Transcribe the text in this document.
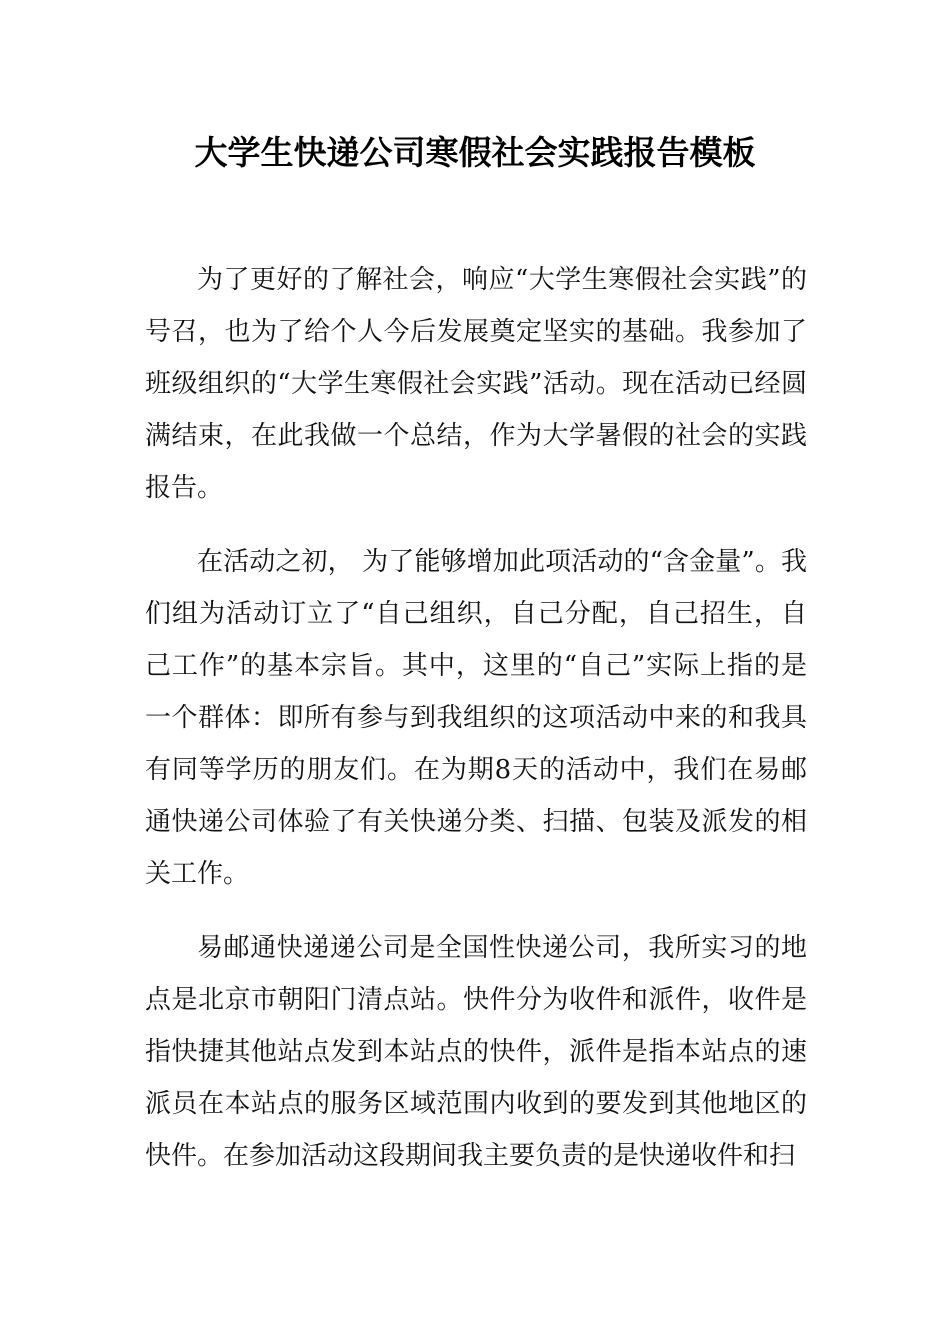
大学生快递公司寒假社会实践报告模板

为了更好的了解社会，响应“大学生寒假社会实践”的号召，也为了给个人今后发展奠定坚实的基础。我参加了班级组织的“大学生寒假社会实践”活动。现在活动已经圆满结束，在此我做一个总结，作为大学暑假的社会的实践报告。

在活动之初， 为了能够增加此项活动的“含金量”。我们组为活动订立了“自己组织，自己分配，自己招生，自己工作”的基本宗旨。其中，这里的“自己”实际上指的是一个群体：即所有参与到我组织的这项活动中来的和我具有同等学历的朋友们。在为期8天的活动中，我们在易邮通快递公司体验了有关快递分类、扫描、包装及派发的相关工作。

易邮通快递递公司是全国性快递公司，我所实习的地点是北京市朝阳门清点站。快件分为收件和派件，收件是指快捷其他站点发到本站点的快件，派件是指本站点的速派员在本站点的服务区域范围内收到的要发到其他地区的快件。在参加活动这段期间我主要负责的是快递收件和扫
